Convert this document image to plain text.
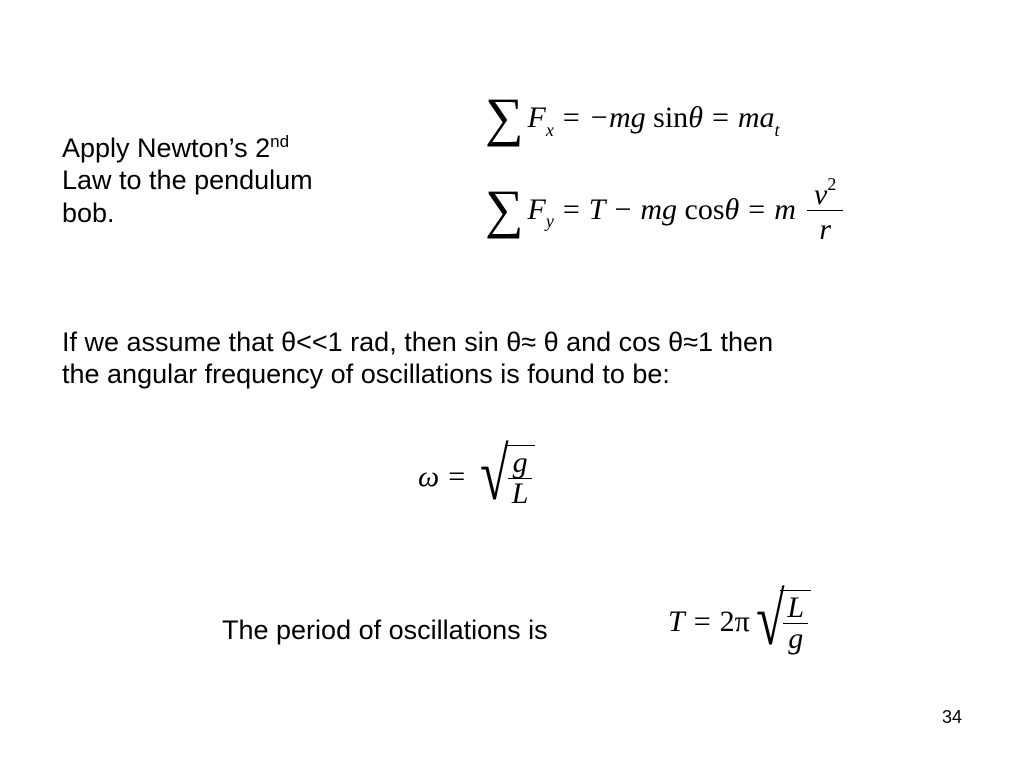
Apply Newton’s 2nd
Law to the pendulum
bob.
∑ $F_x = -mg$ $\sin\theta = ma_t$
∑ $F_y = T$ − mg cosθ = m $\frac{v^2}{r}$
If we assume that θ<<1 rad, then sin θ≈ θ and cos θ≈1 then
the angular frequency of oscillations is found to be:
ω = √ $\frac{g}{L}$
The period of oscillations is	$T = 2\pi√ \frac{L}{g}$
34
